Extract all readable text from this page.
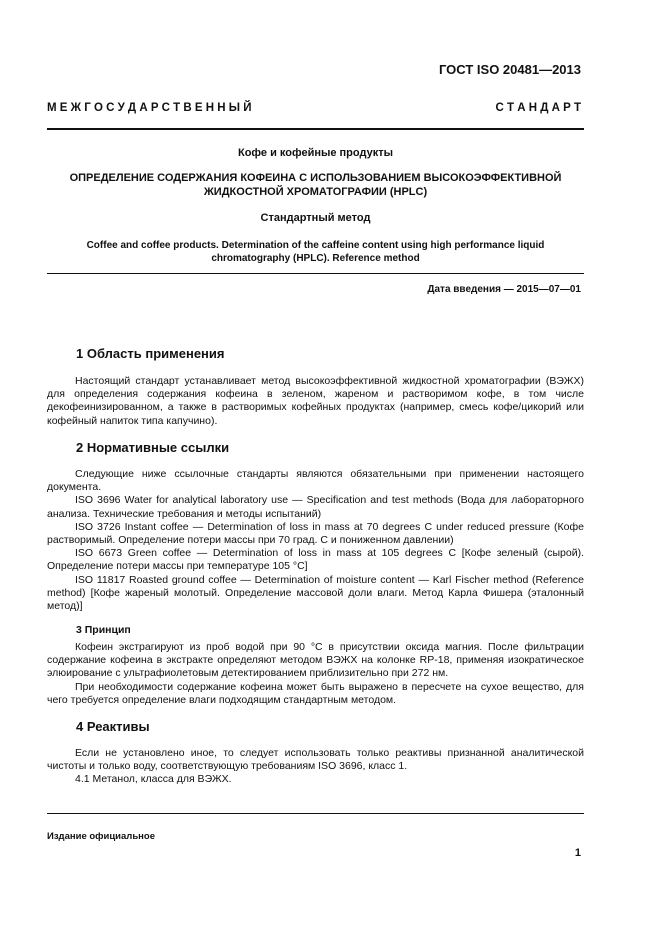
ГОСТ ISO 20481—2013
М Е Ж Г О С У Д А Р С Т В Е Н Н Ы Й	С Т А Н Д А Р Т
Кофе и кофейные продукты
ОПРЕДЕЛЕНИЕ СОДЕРЖАНИЯ КОФЕИНА С ИСПОЛЬЗОВАНИЕМ ВЫСОКОЭФФЕКТИВНОЙ ЖИДКОСТНОЙ ХРОМАТОГРАФИИ (HPLC)
Стандартный метод
Coffee and coffee products. Determination of the caffeine content using high performance liquid chromatography (HPLC). Reference method
Дата введения — 2015—07—01
1 Область применения

Настоящий стандарт устанавливает метод высокоэффективной жидкостной хроматографии (ВЭЖХ) для определения содержания кофеина в зеленом, жареном и растворимом кофе, в том числе декофеинизированном, а также в растворимых кофейных продуктах (например, смесь кофе/цикорий или кофейный напиток типа капучино).

2 Нормативные ссылки

Следующие ниже ссылочные стандарты являются обязательными при применении настоящего документа.

ISO 3696 Water for analytical laboratory use — Specification and test methods (Вода для лабораторного анализа. Технические требования и методы испытаний)

ISO 3726 Instant coffee — Determination of loss in mass at 70 degrees C under reduced pressure (Кофе растворимый. Определение потери массы при 70 град. С и пониженном давлении)

ISO 6673 Green coffee — Determination of loss in mass at 105 degrees C [Кофе зеленый (сырой). Определение потери массы при температуре 105 °C]

ISO 11817 Roasted ground coffee — Determination of moisture content — Karl Fischer method (Reference method) [Кофе жареный молотый. Определение массовой доли влаги. Метод Карла Фишера (эталонный метод)]

3 Принцип

Кофеин экстрагируют из проб водой при 90 °С в присутствии оксида магния. После фильтрации содержание кофеина в экстракте определяют методом ВЭЖХ на колонке RP-18, применяя изократическое элюирование с ультрафиолетовым детектированием приблизительно при 272 нм.

При необходимости содержание кофеина может быть выражено в пересчете на сухое вещество, для чего требуется определение влаги подходящим стандартным методом.

4 Реактивы

Если не установлено иное, то следует использовать только реактивы признанной аналитической чистоты и только воду, соответствующую требованиям ISO 3696, класс 1.

4.1 Метанол, класса для ВЭЖХ.

Издание официальное
1
